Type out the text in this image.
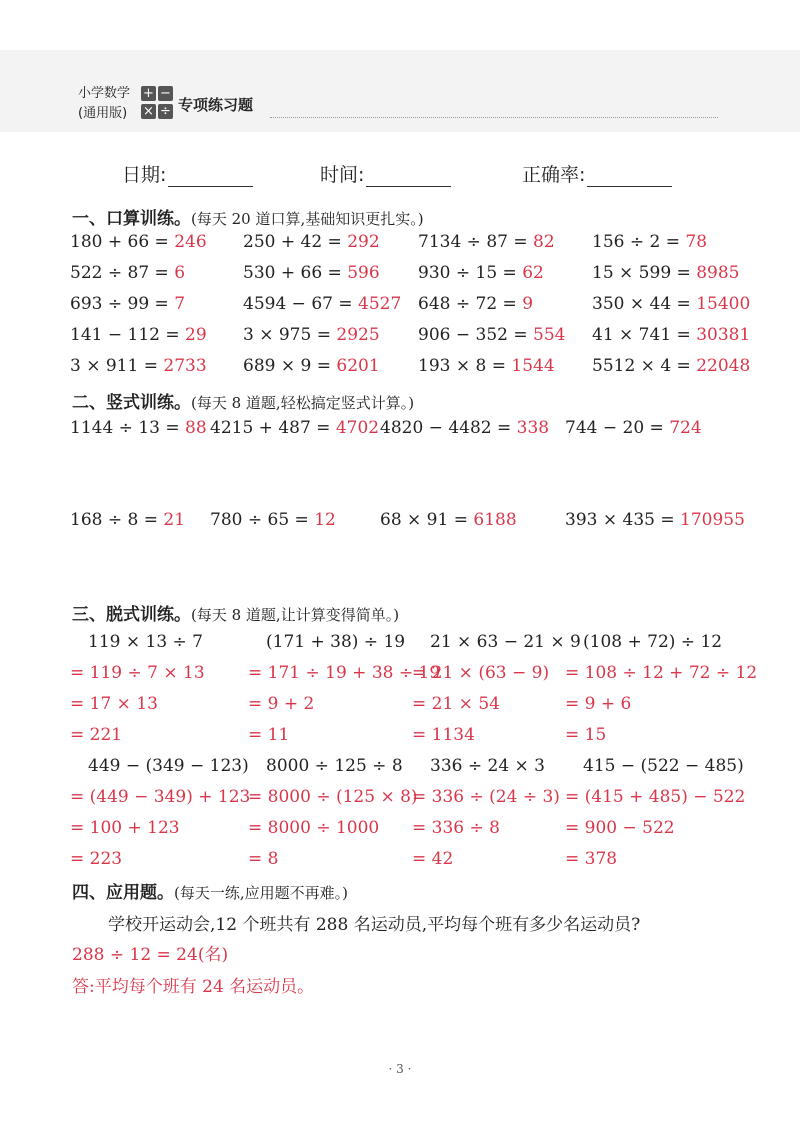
小学数学
(通用版)
+ −
× ÷ 专项练习题
日期:	时间:	正确率:
一、口算训练。(每天 20 道口算,基础知识更扎实。)
180 + 66 = 246 250 + 42 = 292 7134 ÷ 87 = 82 156 ÷ 2 = 78
522 ÷ 87 = 6	530 + 66 = 596 930 ÷ 15 = 62	15 × 599 = 8985
693 ÷ 99 = 7	4594 − 67 = 4527 648 ÷ 72 = 9	350 × 44 = 15400
141 − 112 = 29 3 × 975 = 2925 906 − 352 = 554 41 × 741 = 30381
3 × 911 = 2733 689 × 9 = 6201 193 × 8 = 1544 5512 × 4 = 22048
二、竖式训练。(每天 8 道题,轻松搞定竖式计算。)
1144 ÷ 13 = 88 4215 + 487 = 4702 4820 − 4482 = 338 744 − 20 = 724
168 ÷ 8 = 21 780 ÷ 65 = 12	68 × 91 = 6188	393 × 435 = 170955
三、脱式训练。(每天 8 道题,让计算变得简单。)
119 × 13 ÷ 7
= 119 ÷ 7 × 13
= 17 × 13
= 221
(171 + 38) ÷ 19
= 171 ÷ 19 + 38 ÷ 19
= 9 + 2
= 11
21 × 63 − 21 × 9
= 21 × (63 − 9)
= 21 × 54
= 1134
(108 + 72) ÷ 12
= 108 ÷ 12 + 72 ÷ 12
= 9 + 6
= 15
449 − (349 − 123)
= (449 − 349) + 123
= 100 + 123
= 223
8000 ÷ 125 ÷ 8
= 8000 ÷ (125 × 8)
= 8000 ÷ 1000
= 8
336 ÷ 24 × 3
= 336 ÷ (24 ÷ 3)
= 336 ÷ 8
= 42
415 − (522 − 485)
= (415 + 485) − 522
= 900 − 522
= 378
四、应用题。(每天一练,应用题不再难。)
学校开运动会,12 个班共有 288 名运动员,平均每个班有多少名运动员?
288 ÷ 12 = 24(名)
答:平均每个班有 24 名运动员。
· 3 ·
